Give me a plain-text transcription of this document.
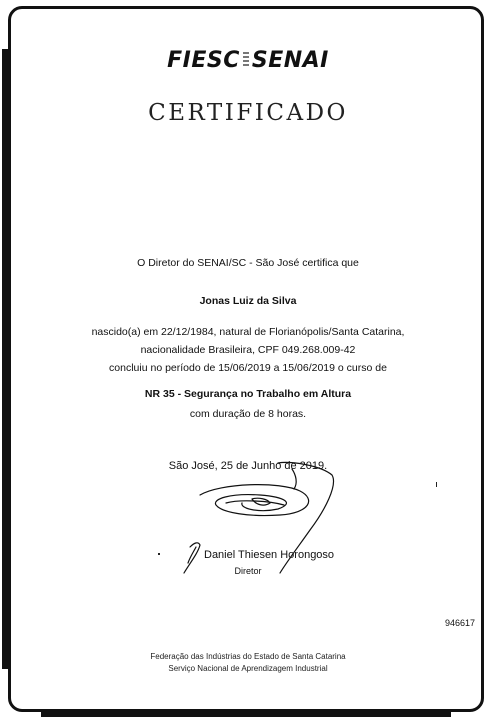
FIESC SENAI
CERTIFICADO
O Diretor do SENAI/SC - São José certifica que
Jonas Luiz da Silva
nascido(a) em 22/12/1984, natural de Florianópolis/Santa Catarina,
nacionalidade Brasileira, CPF 049.268.009-42
concluiu no período de 15/06/2019 a 15/06/2019 o curso de
NR 35 - Segurança no Trabalho em Altura
com duração de 8 horas.
São José, 25 de Junho de 2019.
Daniel Thiesen Horongoso
Diretor
946617
Federação das Indústrias do Estado de Santa Catarina
Serviço Nacional de Aprendizagem Industrial
